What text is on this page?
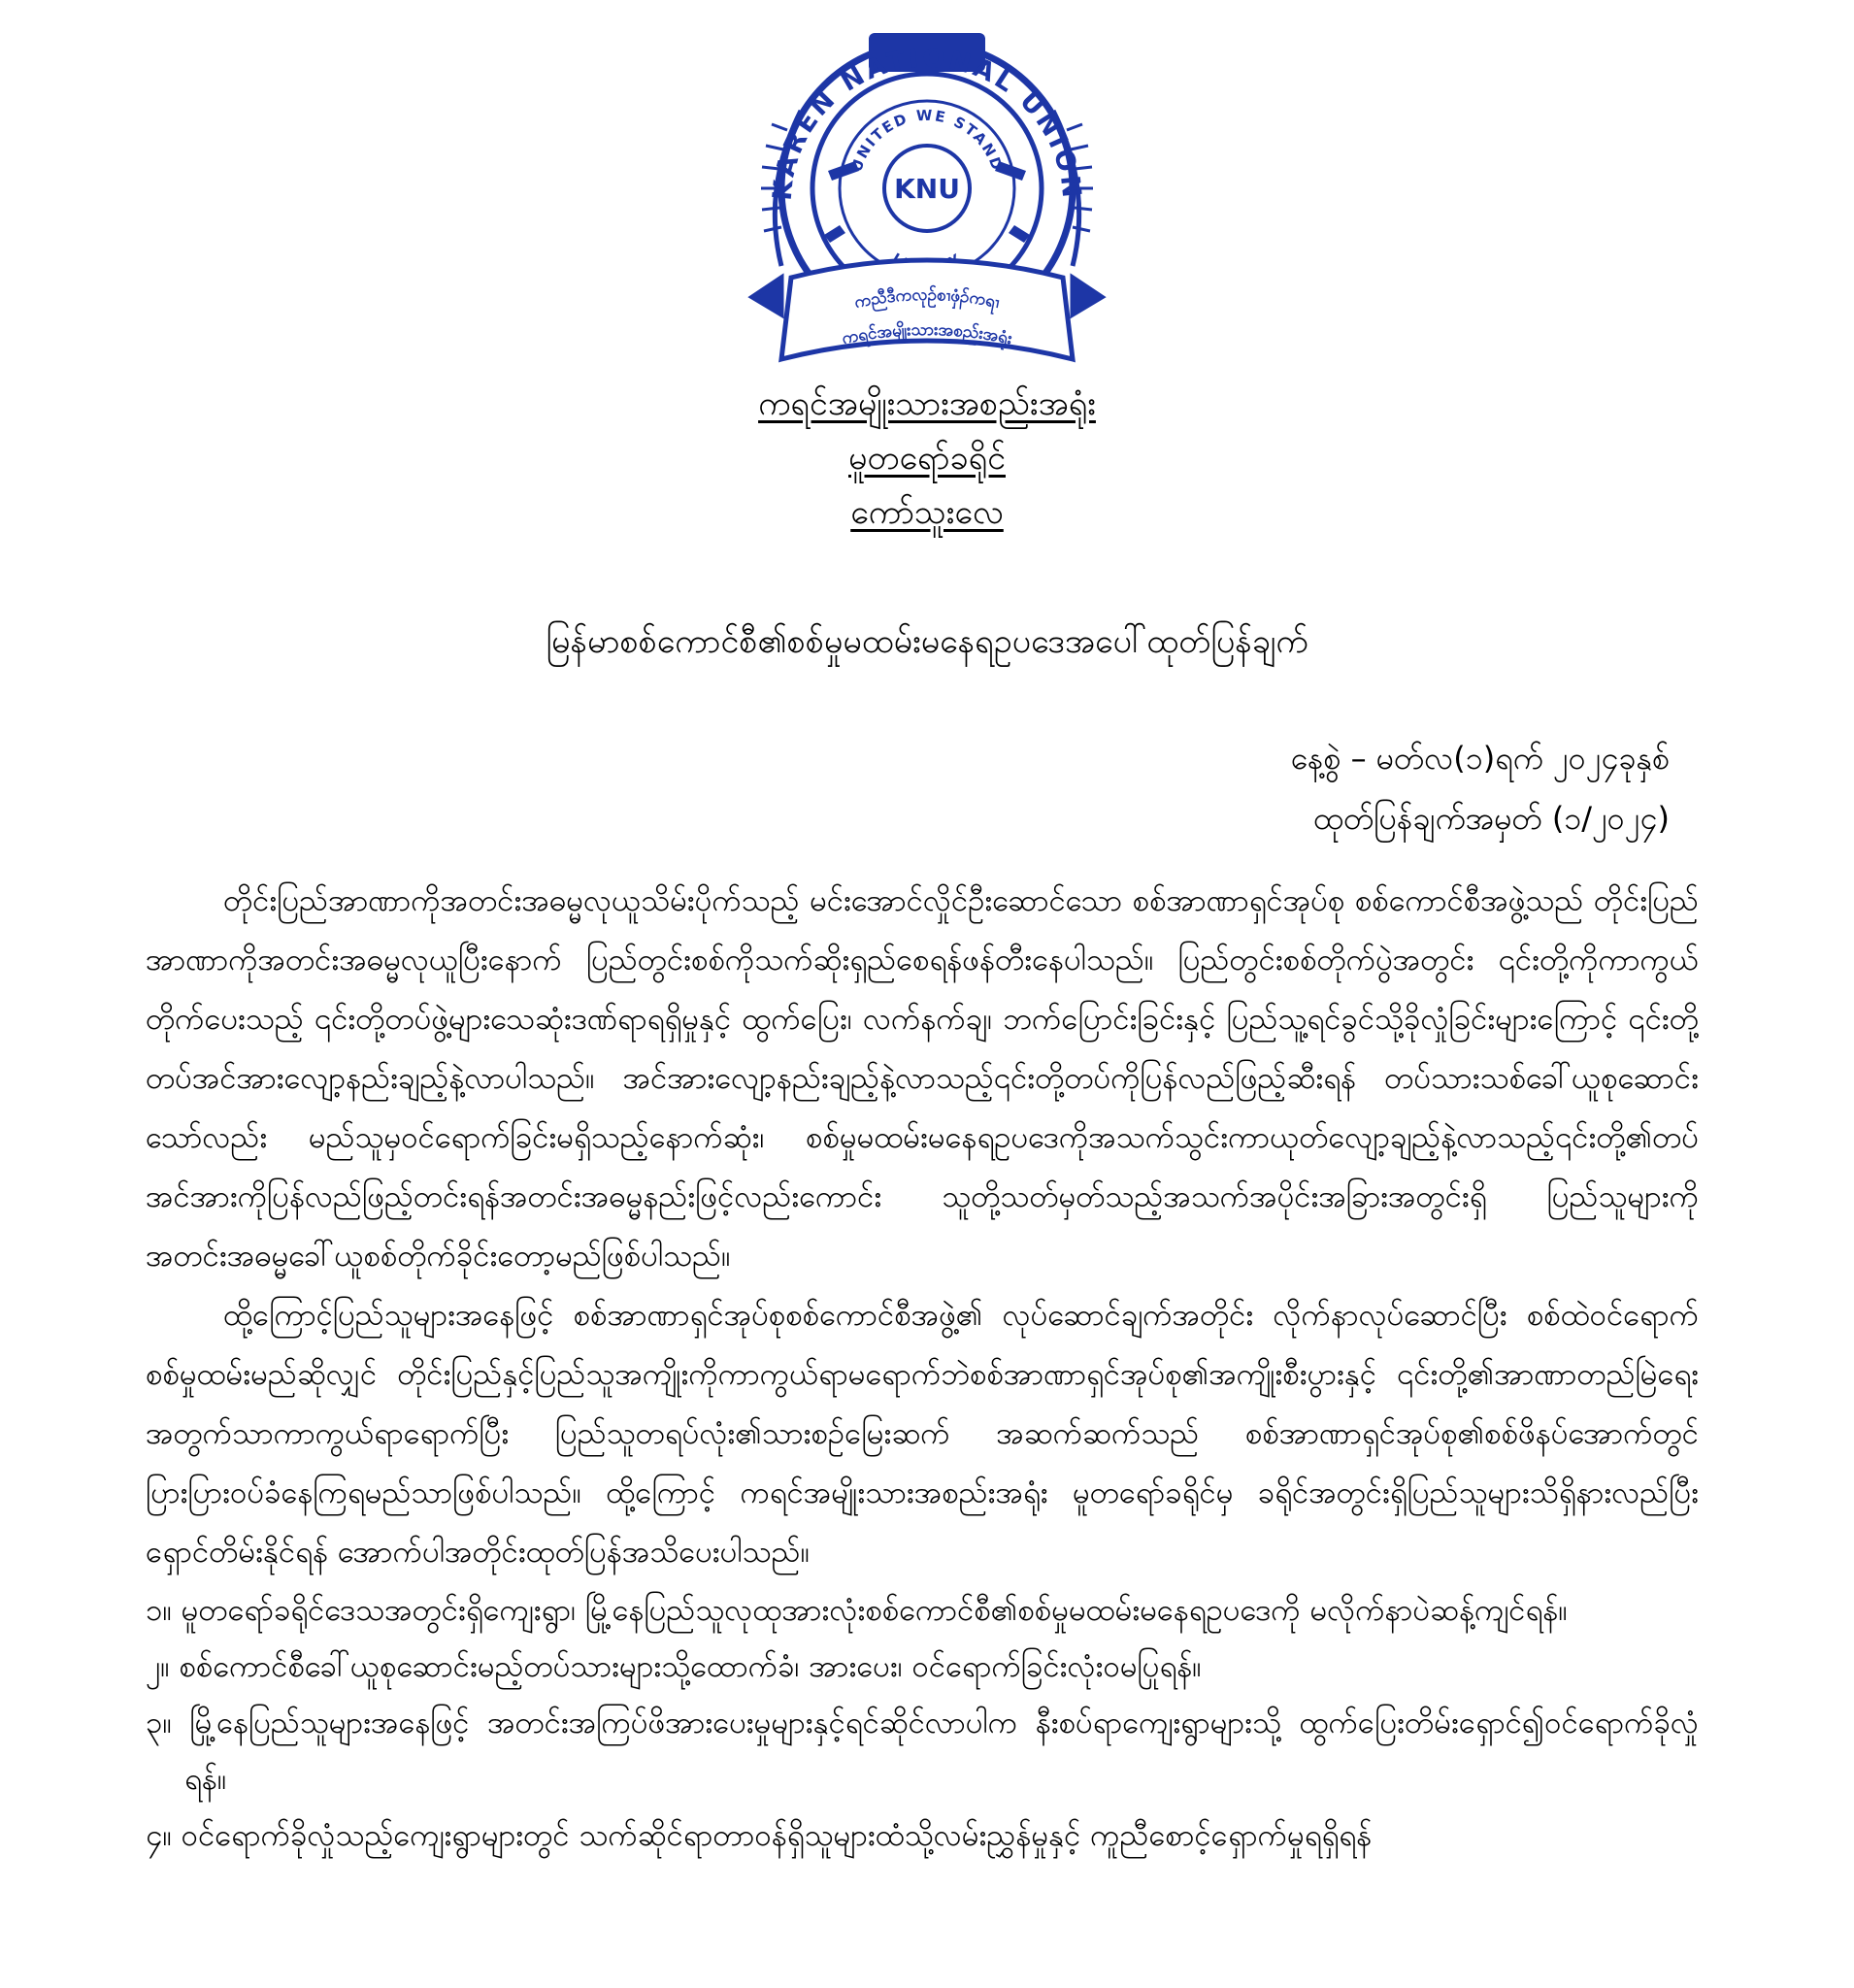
KAREN NATIONAL UNION
UNITED WE STAND
KNU
ကညီဒီကလုဉ်စၢဖှံၣ်ကရၢ
ကရင်အမျိုးသားအစည်းအရုံး

ကရင်အမျိုးသားအစည်းအရုံး

မူတရော်ခရိုင်

ကော်သူးလေ

မြန်မာစစ်ကောင်စီ၏စစ်မှုမထမ်းမနေရဥပဒေအပေါ်ထုတ်ပြန်ချက်

နေ့စွဲ – မတ်လ(၁)ရက် ၂၀၂၄ခုနှစ်
ထုတ်ပြန်ချက်အမှတ် (၁/၂၀၂၄)

တိုင်းပြည်အာဏာကိုအတင်းအဓမ္မလုယူသိမ်းပိုက်သည့် မင်းအောင်လှိုင်ဦးဆောင်သော စစ်အာဏာရှင်အုပ်စု စစ်ကောင်စီအဖွဲ့သည် တိုင်းပြည်အာဏာကိုအတင်းအဓမ္မလုယူပြီးနောက် ပြည်တွင်းစစ်ကိုသက်ဆိုးရှည်စေရန်ဖန်တီးနေပါသည်။ ပြည်တွင်းစစ်တိုက်ပွဲအတွင်း ၎င်းတို့ကိုကာကွယ်တိုက်ပေးသည့် ၎င်းတို့တပ်ဖွဲ့များသေဆုံးဒဏ်ရာရရှိမှုနှင့် ထွက်ပြေး၊ လက်နက်ချ၊ ဘက်ပြောင်းခြင်းနှင့် ပြည်သူ့ရင်ခွင်သို့ခိုလှုံခြင်းများကြောင့် ၎င်းတို့တပ်အင်အားလျော့နည်းချည့်နဲ့လာပါသည်။ အင်အားလျော့နည်းချည့်နဲ့လာသည့်၎င်းတို့တပ်ကိုပြန်လည်ဖြည့်ဆီးရန် တပ်သားသစ်ခေါ်ယူစုဆောင်းသော်လည်း မည်သူမှဝင်ရောက်ခြင်းမရှိသည့်နောက်ဆုံး၊ စစ်မှုမထမ်းမနေရဥပဒေကိုအသက်သွင်းကာယုတ်လျော့ချည့်နဲ့လာသည့်၎င်းတို့၏တပ်အင်အားကိုပြန်လည်ဖြည့်တင်းရန်အတင်းအဓမ္မနည်းဖြင့်လည်းကောင်း သူတို့သတ်မှတ်သည့်အသက်အပိုင်းအခြားအတွင်းရှိ ပြည်သူများကိုအတင်းအဓမ္မခေါ်ယူစစ်တိုက်ခိုင်းတော့မည်ဖြစ်ပါသည်။

ထို့ကြောင့်ပြည်သူများအနေဖြင့် စစ်အာဏာရှင်အုပ်စုစစ်ကောင်စီအဖွဲ့၏ လုပ်ဆောင်ချက်အတိုင်း လိုက်နာလုပ်ဆောင်ပြီး စစ်ထဲဝင်ရောက်စစ်မှုထမ်းမည်ဆိုလျှင် တိုင်းပြည်နှင့်ပြည်သူအကျိုးကိုကာကွယ်ရာမရောက်ဘဲစစ်အာဏာရှင်အုပ်စု၏အကျိုးစီးပွားနှင့် ၎င်းတို့၏အာဏာတည်မြဲရေးအတွက်သာကာကွယ်ရာရောက်ပြီး ပြည်သူတရပ်လုံး၏သားစဉ်မြေးဆက် အဆက်ဆက်သည် စစ်အာဏာရှင်အုပ်စု၏စစ်ဖိနပ်အောက်တွင်ပြားပြားဝပ်ခံနေကြရမည်သာဖြစ်ပါသည်။ ထို့ကြောင့် ကရင်အမျိုးသားအစည်းအရုံး မူတရော်ခရိုင်မှ ခရိုင်အတွင်းရှိပြည်သူများသိရှိနားလည်ပြီး ရှောင်တိမ်းနိုင်ရန် အောက်ပါအတိုင်းထုတ်ပြန်အသိပေးပါသည်။

၁။ မူတရော်ခရိုင်ဒေသအတွင်းရှိကျေးရွာ၊ မြို့နေပြည်သူလုထုအားလုံးစစ်ကောင်စီ၏စစ်မှုမထမ်းမနေရဥပဒေကို မလိုက်နာပဲဆန့်ကျင်ရန်။
၂။ စစ်ကောင်စီခေါ်ယူစုဆောင်းမည့်တပ်သားများသို့ထောက်ခံ၊ အားပေး၊ ဝင်ရောက်ခြင်းလုံးဝမပြုရန်။
၃။ မြို့နေပြည်သူများအနေဖြင့် အတင်းအကြပ်ဖိအားပေးမှုများနှင့်ရင်ဆိုင်လာပါက နီးစပ်ရာကျေးရွာများသို့ ထွက်ပြေးတိမ်းရှောင်၍ဝင်ရောက်ခိုလှုံရန်။
၄။ ဝင်ရောက်ခိုလှုံသည့်ကျေးရွာများတွင် သက်ဆိုင်ရာတာဝန်ရှိသူများထံသို့လမ်းညွှန်မှုနှင့် ကူညီစောင့်ရှောက်မှုရရှိရန်
